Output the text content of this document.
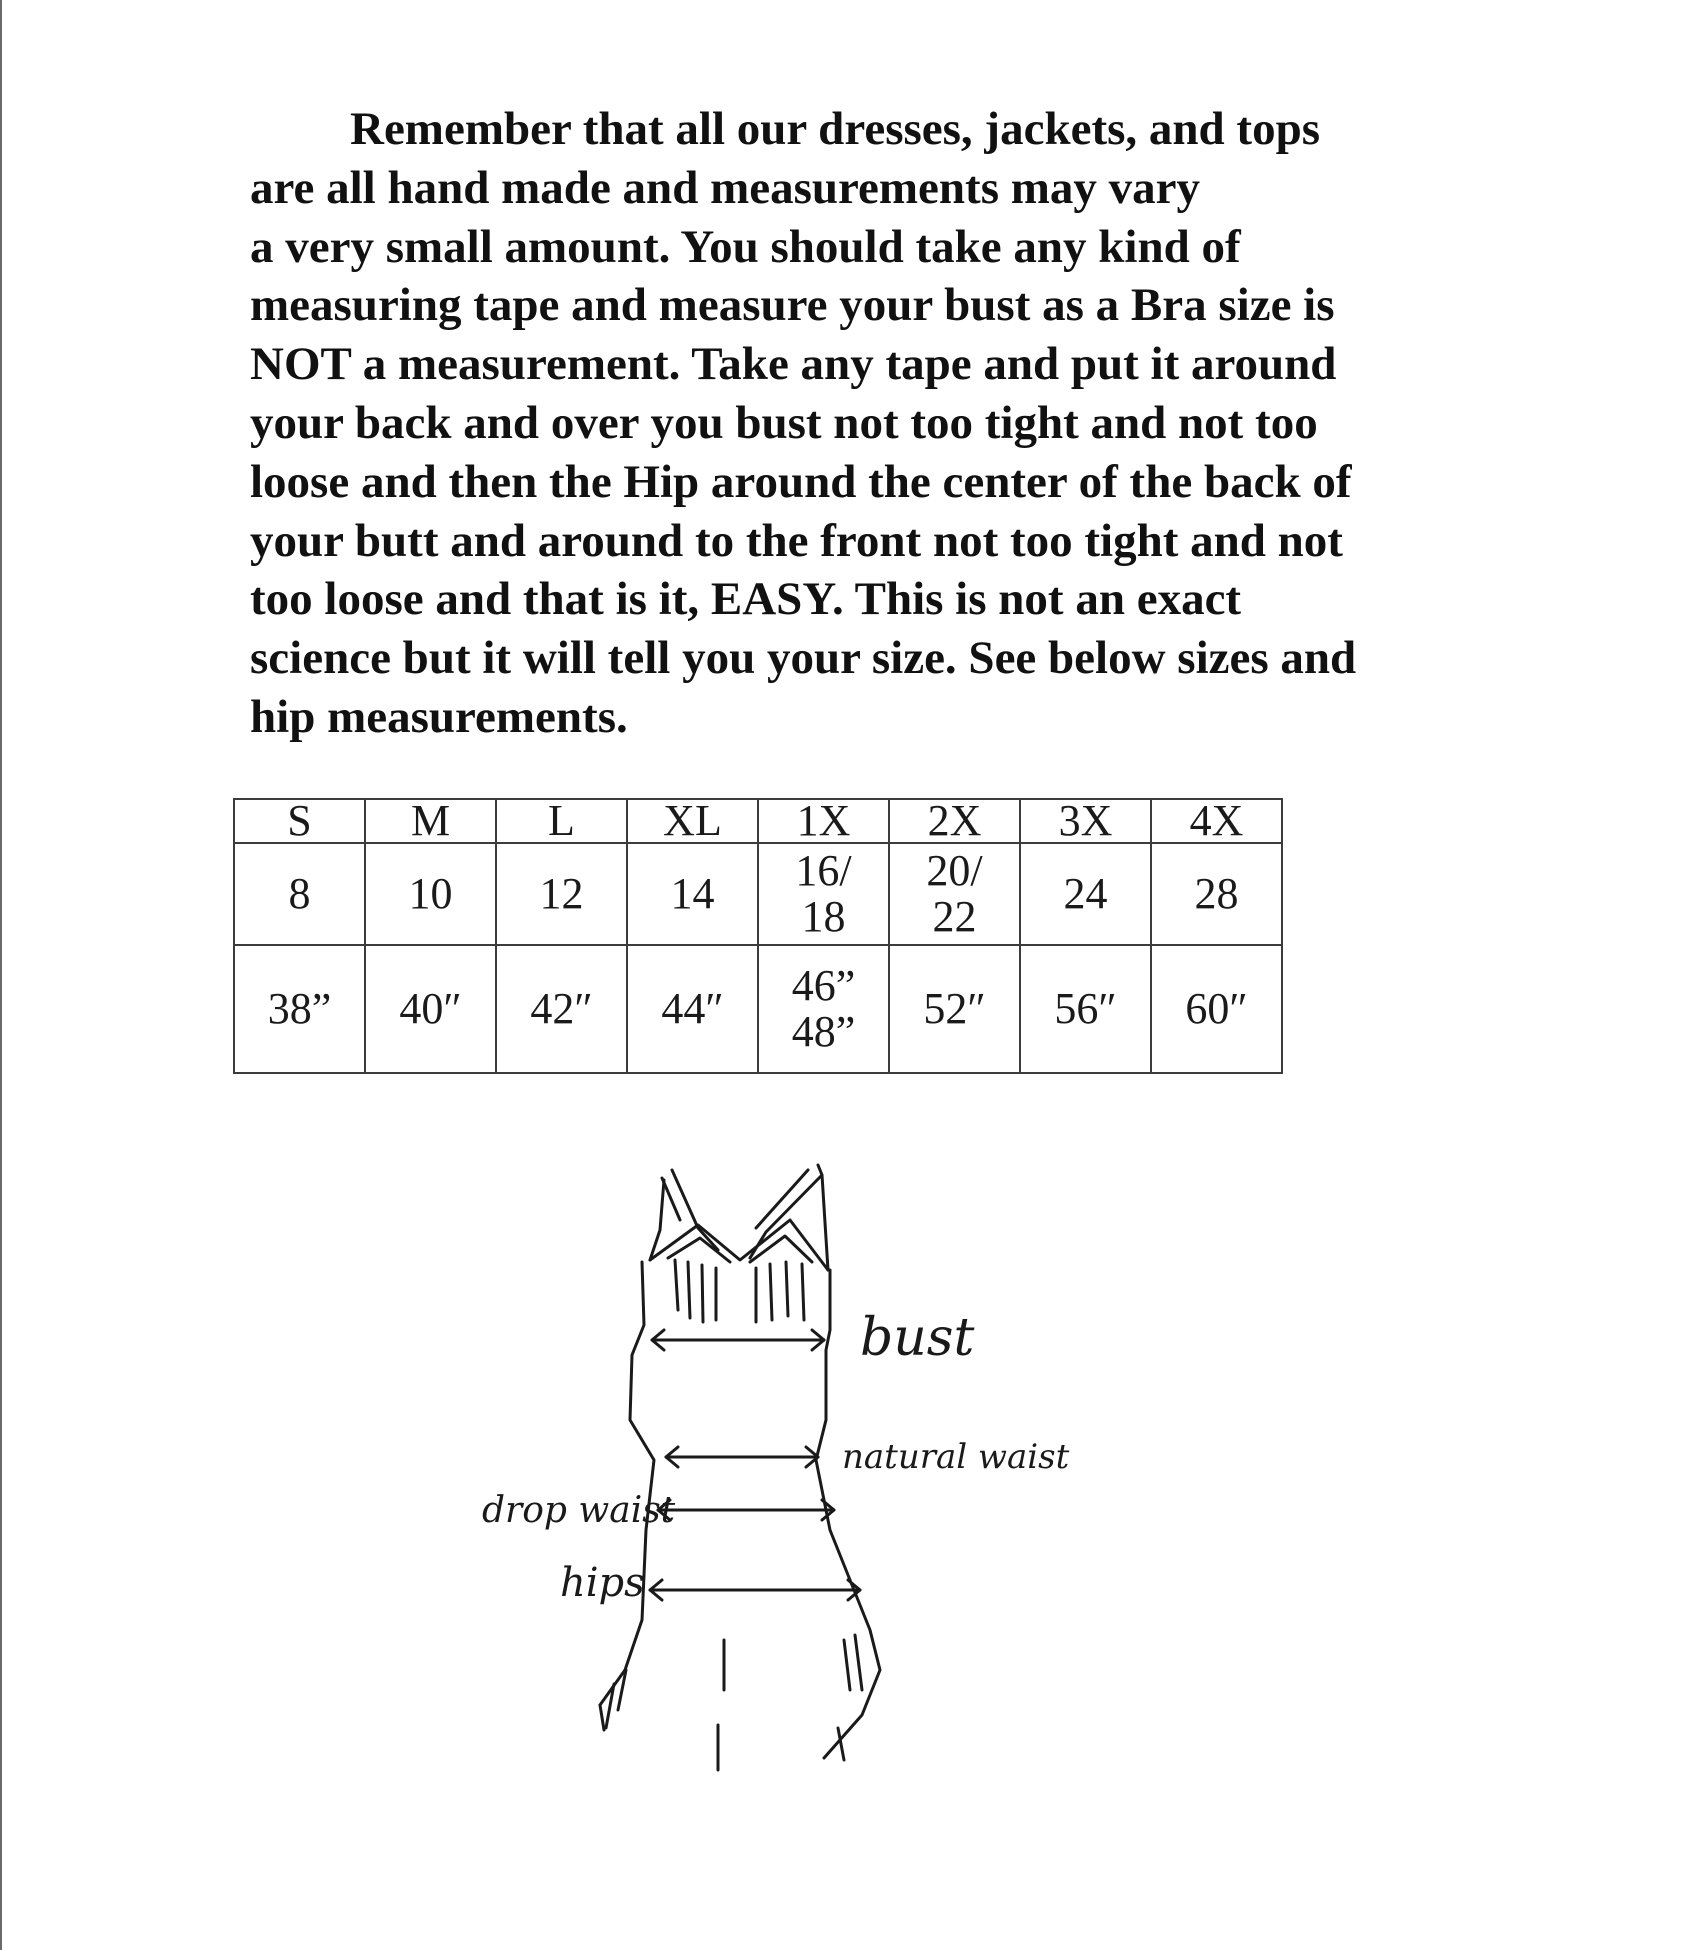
Remember that all our dresses, jackets, and tops
are all hand made and measurements may vary
a very small amount. You should take any kind of
measuring tape and measure your bust as a Bra size is
NOT a measurement. Take any tape and put it around
your back and over you bust not too tight and not too
loose and then the Hip around the center of the back of
your butt and around to the front not too tight and not
too loose and that is it, EASY. This is not an exact
science but it will tell you your size. See below sizes and
hip measurements.
S	M	L	XL	1X	2X	3X	4X
8	10	12	14	16/ 18	20/ 22	24	28
38”	40″	42″	44″	46” 48”	52″	56″	60″
bust
natural waist
drop waist
hips
